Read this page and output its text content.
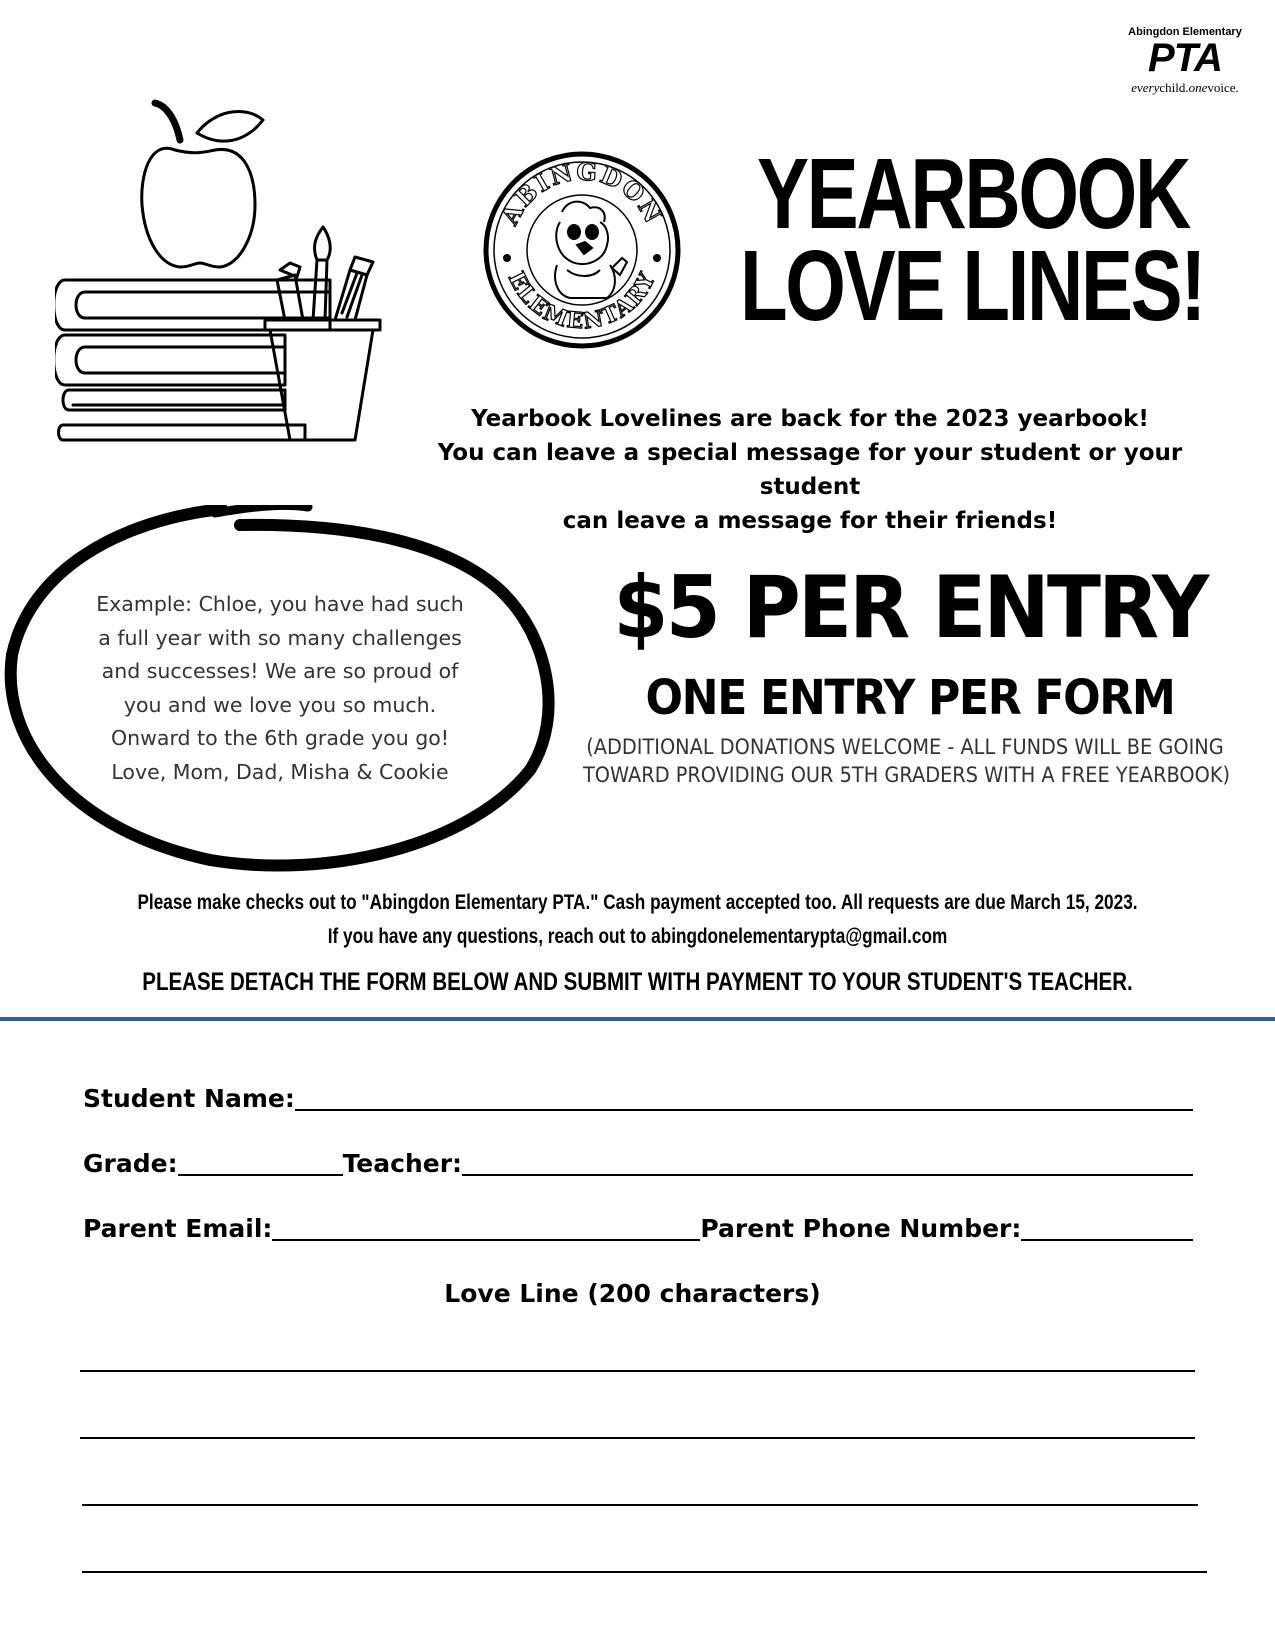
Abingdon Elementary
PTA
everychild.onevoice.
ABINGDON
ELEMENTARY
YEARBOOK
LOVE LINES!
Yearbook Lovelines are back for the 2023 yearbook!
You can leave a special message for your student or your student
can leave a message for their friends!
Example: Chloe, you have had such
a full year with so many challenges
and successes! We are so proud of
you and we love you so much.
Onward to the 6th grade you go!
Love, Mom, Dad, Misha & Cookie
$5 PER ENTRY
ONE ENTRY PER FORM
(ADDITIONAL DONATIONS WELCOME - ALL FUNDS WILL BE GOING
TOWARD PROVIDING OUR 5TH GRADERS WITH A FREE YEARBOOK)
Please make checks out to "Abingdon Elementary PTA." Cash payment accepted too. All requests are due March 15, 2023.
If you have any questions, reach out to abingdonelementarypta@gmail.com
PLEASE DETACH THE FORM BELOW AND SUBMIT WITH PAYMENT TO YOUR STUDENT'S TEACHER.
Student Name:
Grade:	Teacher:
Parent Email:	Parent Phone Number:
Love Line (200 characters)
